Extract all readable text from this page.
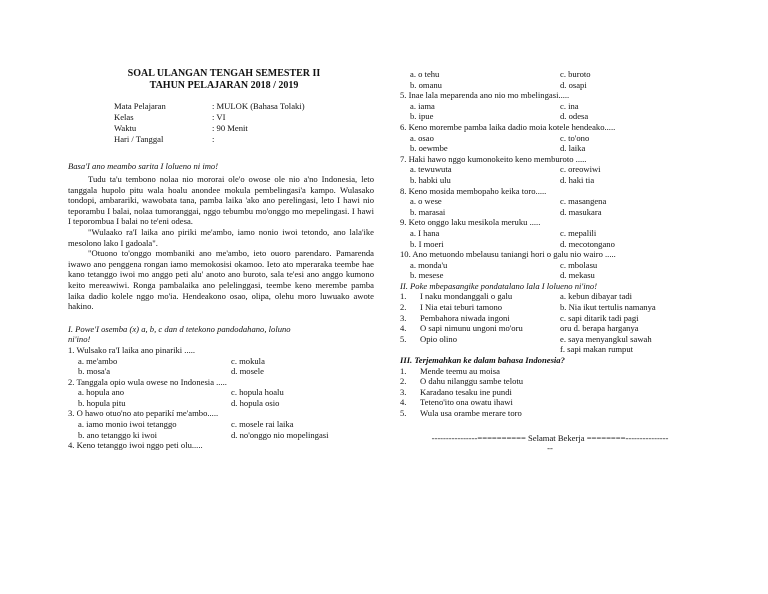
SOAL ULANGAN TENGAH SEMESTER II
TAHUN PELAJARAN 2018 / 2019
Mata Pelajaran	: MULOK (Bahasa Tolaki)
Kelas	: VI
Waktu	: 90 Menit
Hari / Tanggal	:
Basa'I ano meambo sarita I lolueno ni imo!

Tudu ta'u tembono nolaa nio mororai ole'o owose ole nio a'no Indonesia, leto tanggala hupolo pitu wala hoalu anondee mokula pembelingasi'a kampo. Wulasako tondopi, ambarariki, wawobata tana, pamba laika 'ako ano perelingasi, leto I hawi nio teporambu I balai, nolaa tumoranggai, nggo tebumbu mo'onggo mo mepelingasi. I hawi I teporombua I balai no te'eni odesa.

"Wulaako ra'I laika ano piriki me'ambo, iamo nonio iwoi tetondo, ano lala'ike mesolono lako I gadoala".

"Otuono to'onggo mombaniki ano me'ambo, ieto ouoro parendaro. Pamarenda iwawo ano penggena rongan iamo memokosisi okamoo. Ieto ato mperaraka teembe hae kano tetanggo iwoi mo anggo peti alu' anoto ano buroto, sala te'esi ano anggo kumono keito mereawiwi. Ronga pambalaika ano pelelinggasi, teembe keno merembe pamba laika dadio kolele nggo mo'ia. Hendeakono osao, olipa, olehu moro luwuako awote hakino.

I. Powe'I osemba (x) a, b, c dan d tetekono pandodahano, loluno
ni'ino!
1. Wulsako ra'I laika ano pinariki .....
a. me'ambo	c. mokula
b. mosa'a	d. mosele
2. Tanggala opio wula owese no Indonesia .....
a. hopula ano	c. hopula hoalu
b. hopula pitu	d. hopula osio
3. O hawo otuo'no ato peparikí me'ambo.....
a. iamo monio iwoi tetanggo	c. mosele rai laika
b. ano tetanggo ki iwoi	d. no'onggo nio mopelingasi
4. Keno tetanggo iwoi nggo peti olu.....
a. o tehu	c. buroto
b. omanu	d. osapi
5. Inae lala meparenda ano nio mo mbelingasi.....
a. iama	c. ina
b. ipue	d. odesa
6. Keno morembe pamba laika dadio moia kotele hendeako.....
a. osao	c. to'ono
b. oewmbe	d. laika
7. Haki hawo nggo kumonokeito keno memburoto .....
a. tewuwuta	c. oreowiwi
b. habki ulu	d. haki tia
8. Keno mosida membopaho keika toro.....
a. o wese	c. masangena
b. marasai	d. masukara
9. Keto onggo laku mesikola meruku .....
a. I hana	c. mepalili
b. I moeri	d. mecotongano
10. Ano metuondo mbelausu taniangi hori o galu nio wairo .....
a. monda'u	c. mbolasu
b. mesese	d. mekasu
II. Poke mbepasangike pondatalano lala I lolueno ni'ino!
1.	I naku mondanggali o galu	a. kebun dibayar tadi
2.	I Nia etai teburi tamono	b. Nia ikut tertulis namanya
3.	Pembahora niwada ingoni	c. sapi ditarik tadi pagi
4.	O sapi nimunu ungoni mo'oru	oru d. berapa harganya
5.	Opio olino	e. saya menyangkul sawah
f. sapi makan rumput
III. Terjemahkan ke dalam bahasa Indonesia?
1.	Mende teemu au moisa
2.	O dahu nilanggu sambe telotu
3.	Karadano tesaku ine pundi
4.	Teteno'ito ona owatu ihawi
5.	Wula usa orambe merare toro
----------------========== Selamat Bekerja ========---------------
--
